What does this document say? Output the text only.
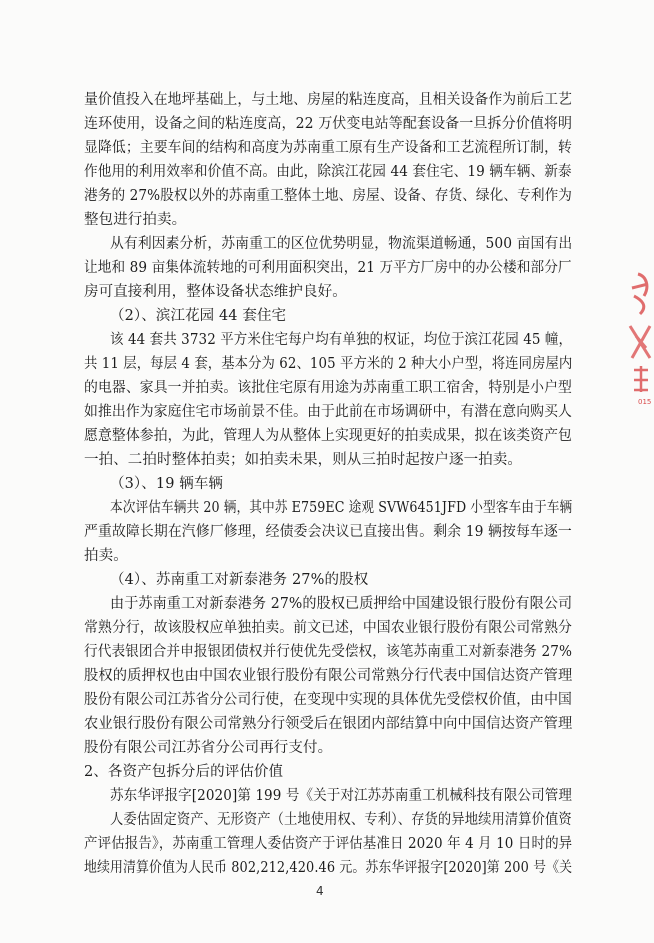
量价值投入在地坪基础上，与土地、房屋的粘连度高，且相关设备作为前后工艺
连环使用，设备之间的粘连度高，22 万伏变电站等配套设备一旦拆分价值将明
显降低；主要车间的结构和高度为苏南重工原有生产设备和工艺流程所订制，转
作他用的利用效率和价值不高。由此，除滨江花园 44 套住宅、19 辆车辆、新泰
港务的 27%股权以外的苏南重工整体土地、房屋、设备、存货、绿化、专利作为
整包进行拍卖。
从有利因素分析，苏南重工的区位优势明显，物流渠道畅通，500 亩国有出
让地和 89 亩集体流转地的可利用面积突出，21 万平方厂房中的办公楼和部分厂
房可直接利用，整体设备状态维护良好。
（2）、滨江花园 44 套住宅
该 44 套共 3732 平方米住宅每户均有单独的权证，均位于滨江花园 45 幢，
共 11 层，每层 4 套，基本分为 62、105 平方米的 2 种大小户型，将连同房屋内
的电器、家具一并拍卖。该批住宅原有用途为苏南重工职工宿舍，特别是小户型
如推出作为家庭住宅市场前景不佳。由于此前在市场调研中，有潜在意向购买人
愿意整体参拍，为此，管理人为从整体上实现更好的拍卖成果，拟在该类资产包
一拍、二拍时整体拍卖；如拍卖未果，则从三拍时起按户逐一拍卖。
（3）、19 辆车辆
本次评估车辆共 20 辆，其中苏 E759EC 途观 SVW6451JFD 小型客车由于车辆
严重故障长期在汽修厂修理，经债委会决议已直接出售。剩余 19 辆按每车逐一
拍卖。
（4）、苏南重工对新泰港务 27%的股权
由于苏南重工对新泰港务 27%的股权已质押给中国建设银行股份有限公司
常熟分行，故该股权应单独拍卖。前文已述，中国农业银行股份有限公司常熟分
行代表银团合并申报银团债权并行使优先受偿权，该笔苏南重工对新泰港务 27%
股权的质押权也由中国农业银行股份有限公司常熟分行代表中国信达资产管理
股份有限公司江苏省分公司行使，在变现中实现的具体优先受偿权价值，由中国
农业银行股份有限公司常熟分行领受后在银团内部结算中向中国信达资产管理
股份有限公司江苏省分公司再行支付。
2、各资产包拆分后的评估价值
苏东华评报字[2020]第 199 号《关于对江苏苏南重工机械科技有限公司管理
人委估固定资产、无形资产（土地使用权、专利）、存货的异地续用清算价值资
产评估报告》，苏南重工管理人委估资产于评估基准日 2020 年 4 月 10 日时的异
地续用清算价值为人民币 802,212,420.46 元。苏东华评报字[2020]第 200 号《关
4
015
